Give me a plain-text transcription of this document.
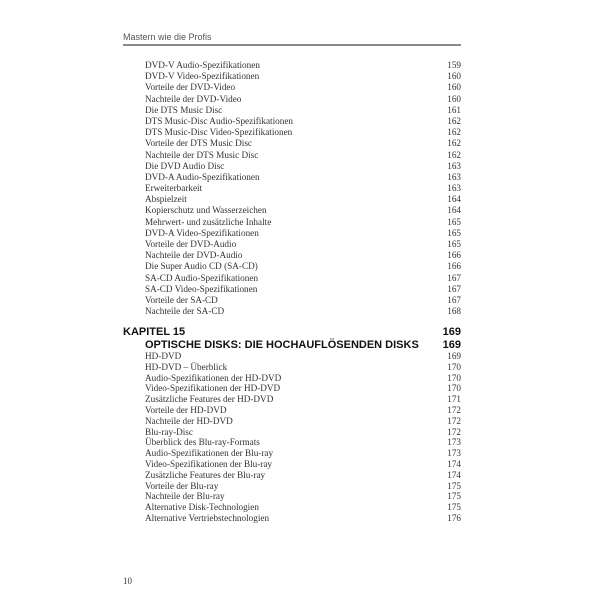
Mastern wie die Profis
DVD-V Audio-Spezifikationen	159
DVD-V Video-Spezifikationen	160
Vorteile der DVD-Video	160
Nachteile der DVD-Video	160
Die DTS Music Disc	161
DTS Music-Disc Audio-Spezifikationen	162
DTS Music-Disc Video-Spezifikationen	162
Vorteile der DTS Music Disc	162
Nachteile der DTS Music Disc	162
Die DVD Audio Disc	163
DVD-A Audio-Spezifikationen	163
Erweiterbarkeit	163
Abspielzeit	164
Kopierschutz und Wasserzeichen	164
Mehrwert- und zusätzliche Inhalte	165
DVD-A Video-Spezifikationen	165
Vorteile der DVD-Audio	165
Nachteile der DVD-Audio	166
Die Super Audio CD (SA-CD)	166
SA-CD Audio-Spezifikationen	167
SA-CD Video-Spezifikationen	167
Vorteile der SA-CD	167
Nachteile der SA-CD	168
KAPITEL 15	169
OPTISCHE DISKS: DIE HOCHAUFLÖSENDEN DISKS 169
HD-DVD	169
HD-DVD – Überblick	170
Audio-Spezifikationen der HD-DVD	170
Video-Spezifikationen der HD-DVD	170
Zusätzliche Features der HD-DVD	171
Vorteile der HD-DVD	172
Nachteile der HD-DVD	172
Blu-ray-Disc	172
Überblick des Blu-ray-Formats	173
Audio-Spezifikationen der Blu-ray	173
Video-Spezifikationen der Blu-ray	174
Zusätzliche Features der Blu-ray	174
Vorteile der Blu-ray	175
Nachteile der Blu-ray	175
Alternative Disk-Technologien	175
Alternative Vertriebstechnologien	176
10
